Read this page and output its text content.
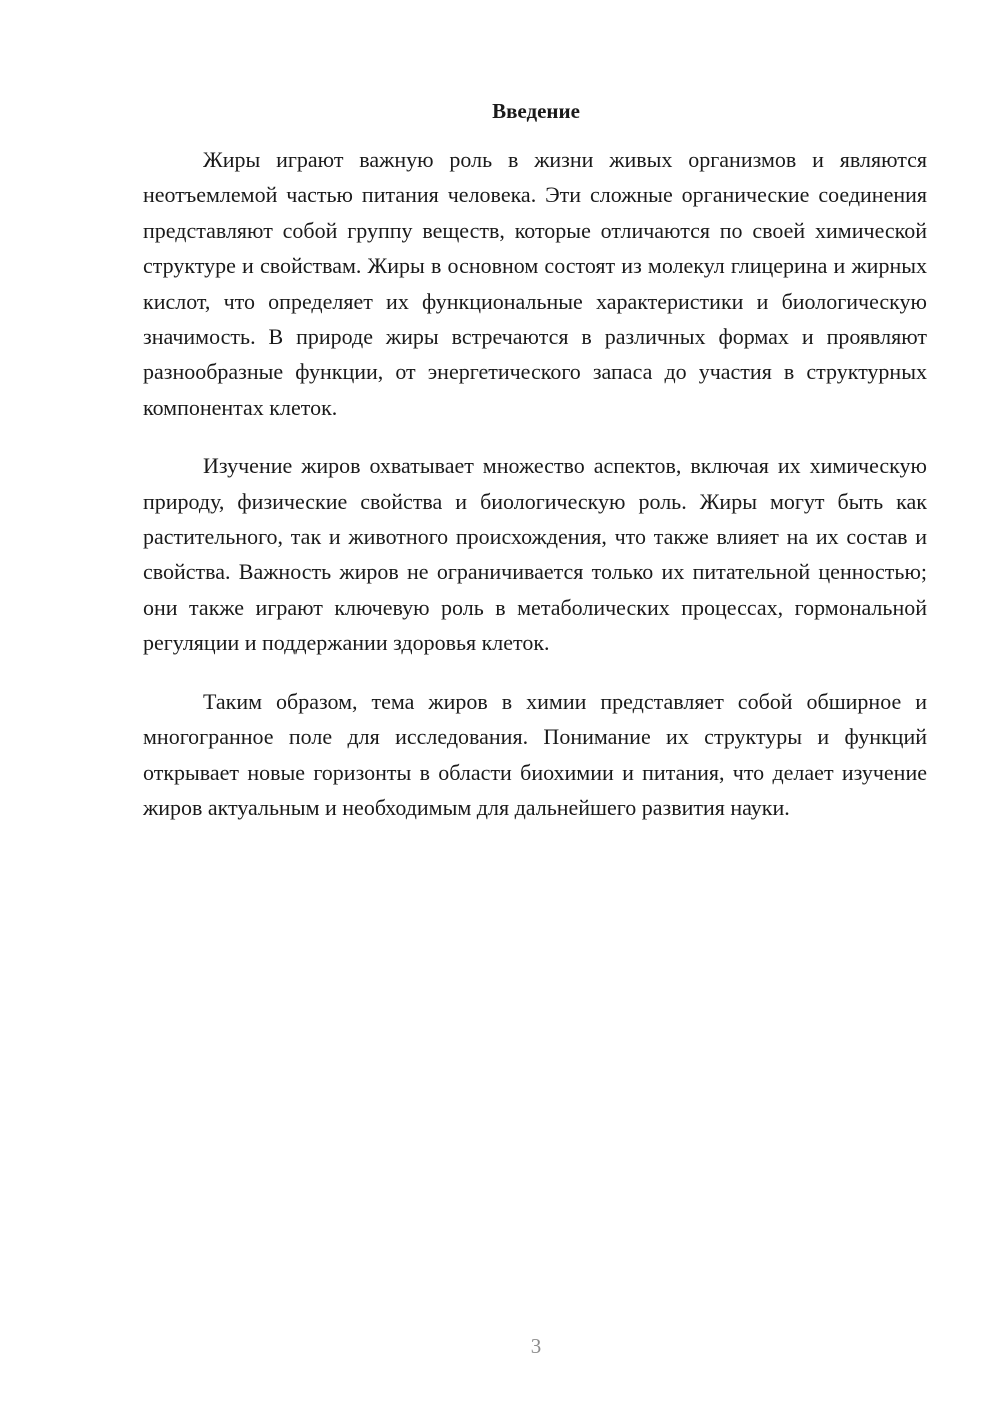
Введение

Жиры играют важную роль в жизни живых организмов и являются неотъемлемой частью питания человека. Эти сложные органические соединения представляют собой группу веществ, которые отличаются по своей химической структуре и свойствам. Жиры в основном состоят из молекул глицерина и жирных кислот, что определяет их функциональные характеристики и биологическую значимость. В природе жиры встречаются в различных формах и проявляют разнообразные функции, от энергетического запаса до участия в структурных компонентах клеток.

Изучение жиров охватывает множество аспектов, включая их химическую природу, физические свойства и биологическую роль. Жиры могут быть как растительного, так и животного происхождения, что также влияет на их состав и свойства. Важность жиров не ограничивается только их питательной ценностью; они также играют ключевую роль в метаболических процессах, гормональной регуляции и поддержании здоровья клеток.

Таким образом, тема жиров в химии представляет собой обширное и многогранное поле для исследования. Понимание их структуры и функций открывает новые горизонты в области биохимии и питания, что делает изучение жиров актуальным и необходимым для дальнейшего развития науки.

3
